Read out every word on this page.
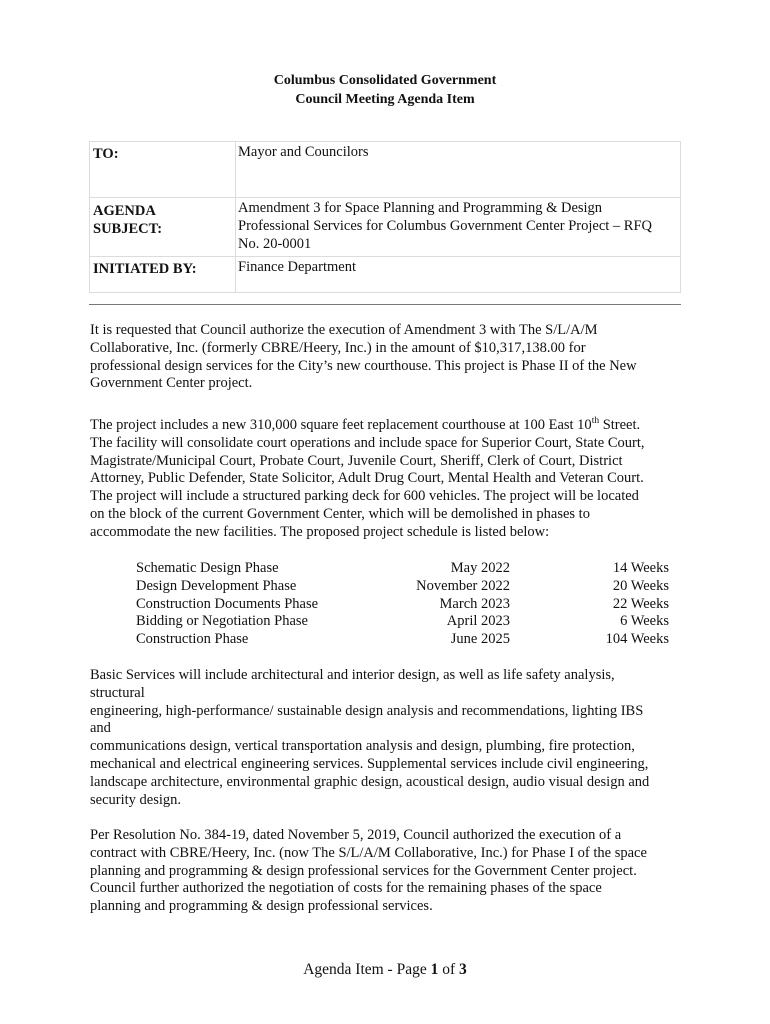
Columbus Consolidated Government
Council Meeting Agenda Item
TO:	Mayor and Councilors

AGENDA
SUBJECT:	Amendment 3 for Space Planning and Programming & Design
Professional Services for Columbus Government Center Project – RFQ
No. 20-0001

INITIATED BY:	Finance Department

It is requested that Council authorize the execution of Amendment 3 with The S/L/A/M
Collaborative, Inc. (formerly CBRE/Heery, Inc.) in the amount of $10,317,138.00 for
professional design services for the City’s new courthouse. This project is Phase II of the New
Government Center project.

The project includes a new 310,000 square feet replacement courthouse at 100 East 10th Street.
The facility will consolidate court operations and include space for Superior Court, State Court,
Magistrate/Municipal Court, Probate Court, Juvenile Court, Sheriff, Clerk of Court, District
Attorney, Public Defender, State Solicitor, Adult Drug Court, Mental Health and Veteran Court.
The project will include a structured parking deck for 600 vehicles. The project will be located
on the block of the current Government Center, which will be demolished in phases to
accommodate the new facilities. The proposed project schedule is listed below:

Schematic Design Phase	May 2022	14 Weeks
Design Development Phase	November 2022	20 Weeks
Construction Documents Phase	March 2023	22 Weeks
Bidding or Negotiation Phase	April 2023	6 Weeks
Construction Phase	June 2025	104 Weeks

Basic Services will include architectural and interior design, as well as life safety analysis,
structural
engineering, high-performance/ sustainable design analysis and recommendations, lighting IBS
and
communications design, vertical transportation analysis and design, plumbing, fire protection,
mechanical and electrical engineering services. Supplemental services include civil engineering,
landscape architecture, environmental graphic design, acoustical design, audio visual design and
security design.

Per Resolution No. 384-19, dated November 5, 2019, Council authorized the execution of a
contract with CBRE/Heery, Inc. (now The S/L/A/M Collaborative, Inc.) for Phase I of the space
planning and programming & design professional services for the Government Center project.
Council further authorized the negotiation of costs for the remaining phases of the space
planning and programming & design professional services.

Agenda Item - Page 1 of 3
